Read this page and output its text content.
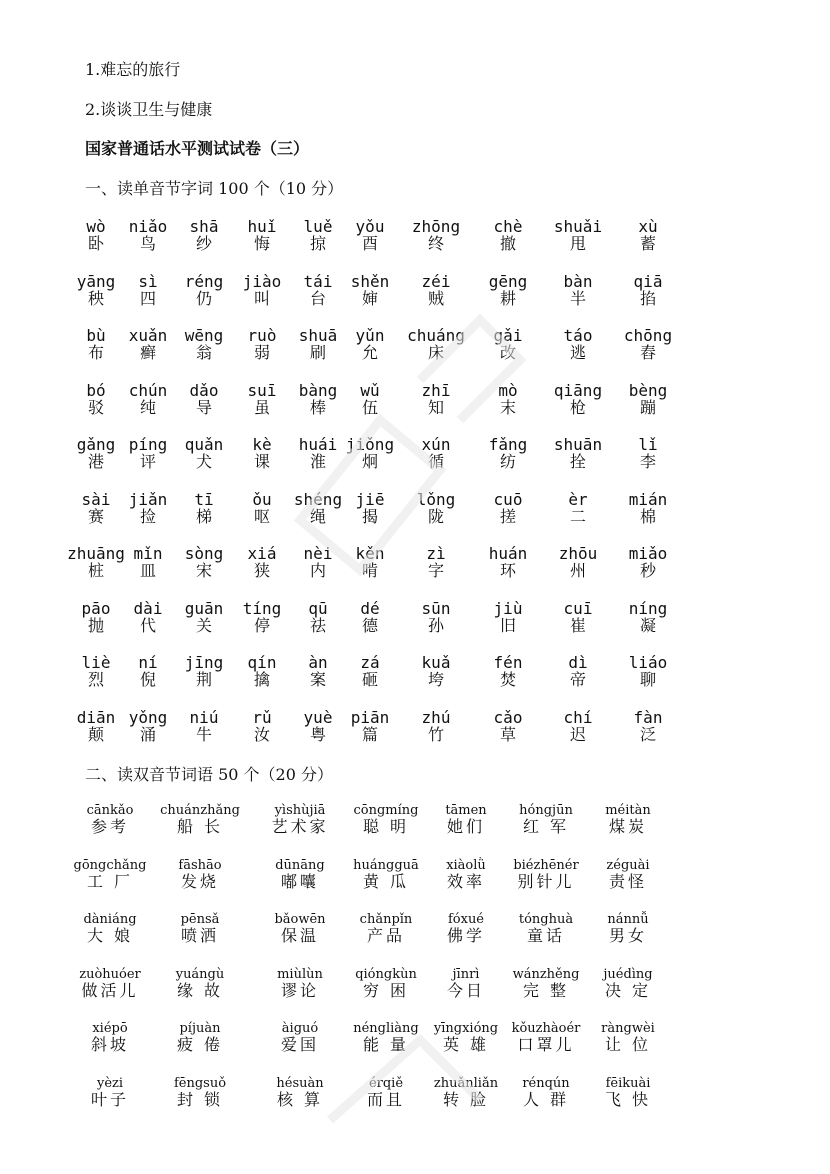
1.难忘的旅行
2.谈谈卫生与健康
国家普通话水平测试试卷（三）
一、读单音节字词 100 个（10 分）
wò
卧
niǎo
鸟
shā
纱
huǐ
悔
luě
掠
yǒu
酉
zhōng
终
chè
撤
shuǎi
甩
xù
蓄
yāng
秧
sì
四
réng
仍
jiào
叫
tái
台
shěn
婶
zéi
贼
gēng
耕
bàn
半
qiā
掐
bù
布
xuǎn
癣
wēng
翁
ruò
弱
shuā
刷
yǔn
允
chuáng
床
gǎi
改
táo
逃
chōng
舂
bó
驳
chún
纯
dǎo
导
suī
虽
bàng
棒
wǔ
伍
zhī
知
mò
末
qiāng
枪
bèng
蹦
gǎng
港
píng
评
quǎn
犬
kè
课
huái
淮
jiǒng
炯
xún
循
fǎng
纺
shuān
拴
lǐ
李
sài
赛
jiǎn
捡
tī
梯
ǒu
呕
shéng
绳
jiē
揭
lǒng
陇
cuō
搓
èr
二
mián
棉
zhuāng
桩
mǐn
皿
sòng
宋
xiá
狭
nèi
内
kěn
啃
zì
字
huán
环
zhōu
州
miǎo
秒
pāo
抛
dài
代
guān
关
tíng
停
qū
祛
dé
德
sūn
孙
jiù
旧
cuī
崔
níng
凝
liè
烈
ní
倪
jīng
荆
qín
擒
àn
案
zá
砸
kuǎ
垮
fén
焚
dì
帝
liáo
聊
diān
颠
yǒng
涌
niú
牛
rǔ
汝
yuè
粤
piān
篇
zhú
竹
cǎo
草
chí
迟
fàn
泛
二、读双音节词语 50 个（20 分）
cānkǎo
参考
chuánzhǎng
船 长
yìshùjiā
艺术家
cōngmíng
聪 明
tāmen
她们
hóngjūn
红 军
méitàn
煤炭
gōngchǎng
工 厂
fāshāo
发烧
dūnāng
嘟囔
huángguā
黄 瓜
xiàolǜ
效率
biézhēnér
别针儿
zéguài
责怪
dàniáng
大 娘
pēnsǎ
喷洒
bǎowēn
保温
chǎnpǐn
产品
fóxué
佛学
tónghuà
童话
nánnǚ
男女
zuòhuóer
做活儿
yuángù
缘 故
miùlùn
谬论
qióngkùn
穷 困
jīnrì
今日
wánzhěng
完 整
juédìng
决 定
xiépō
斜坡
píjuàn
疲 倦
àiguó
爱国
néngliàng
能 量
yīngxióng
英 雄
kǒuzhàoér
口罩儿
ràngwèi
让 位
yèzi
叶子
fēngsuǒ
封 锁
hésuàn
核 算
érqiě
而且
zhuǎnliǎn
转 脸
rénqún
人 群
fēikuài
飞 快
